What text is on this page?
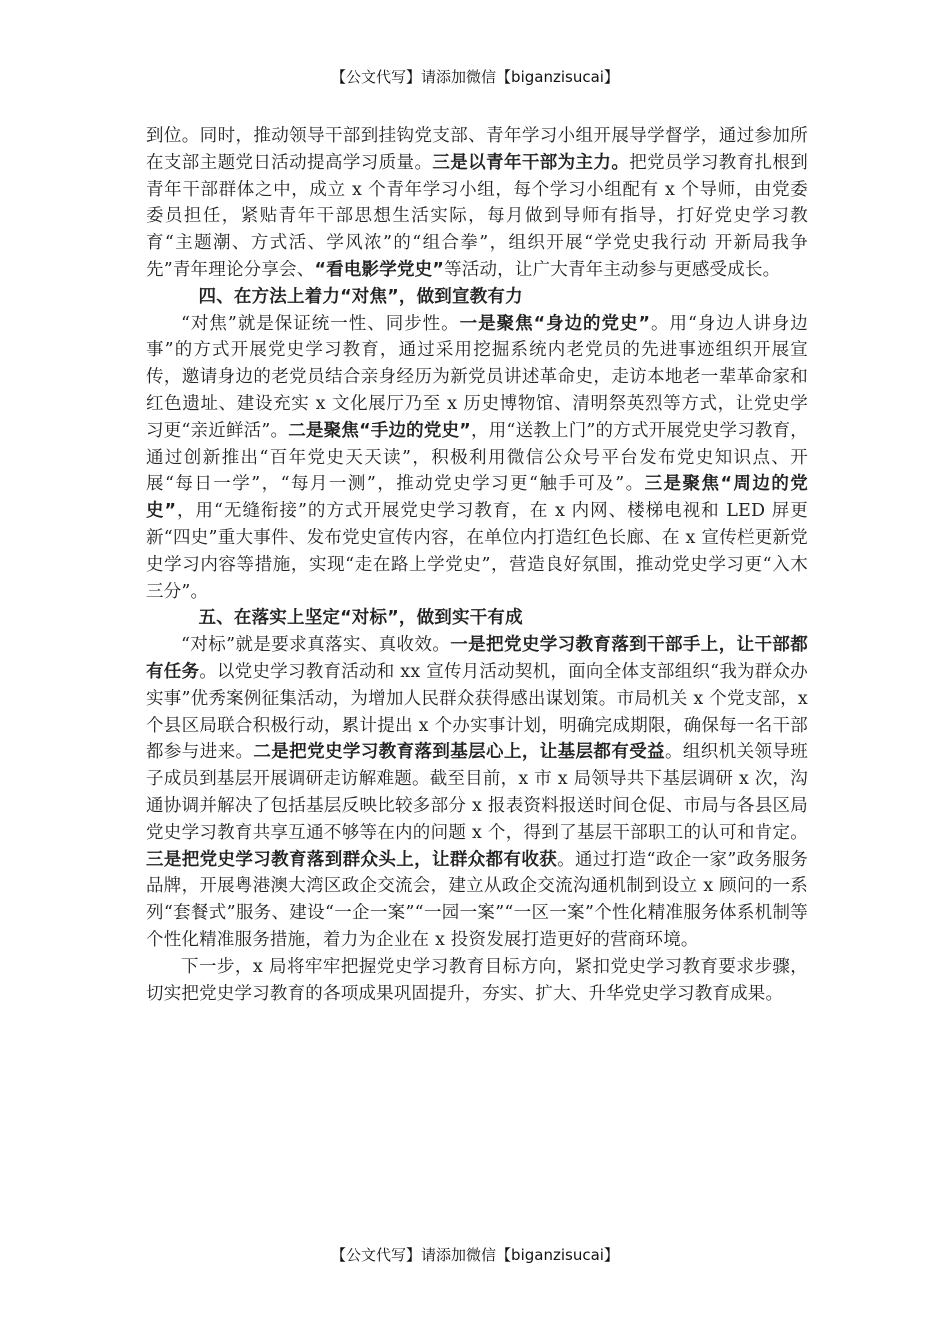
【公文代写】请添加微信【biganzisucai】

到位。同时，推动领导干部到挂钩党支部、青年学习小组开展导学督学，通过参加所在支部主题党日活动提高学习质量。三是以青年干部为主力。把党员学习教育扎根到青年干部群体之中，成立 x 个青年学习小组，每个学习小组配有 x 个导师，由党委委员担任，紧贴青年干部思想生活实际，每月做到导师有指导，打好党史学习教育“主题潮、方式活、学风浓”的“组合拳”，组织开展“学党史我行动 开新局我争先”青年理论分享会、“看电影学党史”等活动，让广大青年主动参与更感受成长。

四、在方法上着力“对焦”，做到宣教有力

“对焦”就是保证统一性、同步性。一是聚焦“身边的党史”。用“身边人讲身边事”的方式开展党史学习教育，通过采用挖掘系统内老党员的先进事迹组织开展宣传，邀请身边的老党员结合亲身经历为新党员讲述革命史，走访本地老一辈革命家和红色遗址、建设充实 x 文化展厅乃至 x 历史博物馆、清明祭英烈等方式，让党史学习更“亲近鲜活”。二是聚焦“手边的党史”，用“送教上门”的方式开展党史学习教育，通过创新推出“百年党史天天读”，积极利用微信公众号平台发布党史知识点、开展“每日一学”，“每月一测”，推动党史学习更“触手可及”。三是聚焦“周边的党史”，用“无缝衔接”的方式开展党史学习教育，在 x 内网、楼梯电视和 LED 屏更新“四史”重大事件、发布党史宣传内容，在单位内打造红色长廊、在 x 宣传栏更新党史学习内容等措施，实现“走在路上学党史”，营造良好氛围，推动党史学习更“入木三分”。

五、在落实上坚定“对标”，做到实干有成

“对标”就是要求真落实、真收效。一是把党史学习教育落到干部手上，让干部都有任务。以党史学习教育活动和 xx 宣传月活动契机，面向全体支部组织“我为群众办实事”优秀案例征集活动，为增加人民群众获得感出谋划策。市局机关 x 个党支部，x 个县区局联合积极行动，累计提出 x 个办实事计划，明确完成期限，确保每一名干部都参与进来。二是把党史学习教育落到基层心上，让基层都有受益。组织机关领导班子成员到基层开展调研走访解难题。截至目前，x 市 x 局领导共下基层调研 x 次，沟通协调并解决了包括基层反映比较多部分 x 报表资料报送时间仓促、市局与各县区局党史学习教育共享互通不够等在内的问题 x 个，得到了基层干部职工的认可和肯定。三是把党史学习教育落到群众头上，让群众都有收获。通过打造“政企一家”政务服务品牌，开展粤港澳大湾区政企交流会，建立从政企交流沟通机制到设立 x 顾问的一系列“套餐式”服务、建设“一企一案”“一园一案”“一区一案”个性化精准服务体系机制等个性化精准服务措施，着力为企业在 x 投资发展打造更好的营商环境。

下一步，x 局将牢牢把握党史学习教育目标方向，紧扣党史学习教育要求步骤，切实把党史学习教育的各项成果巩固提升，夯实、扩大、升华党史学习教育成果。

【公文代写】请添加微信【biganzisucai】
